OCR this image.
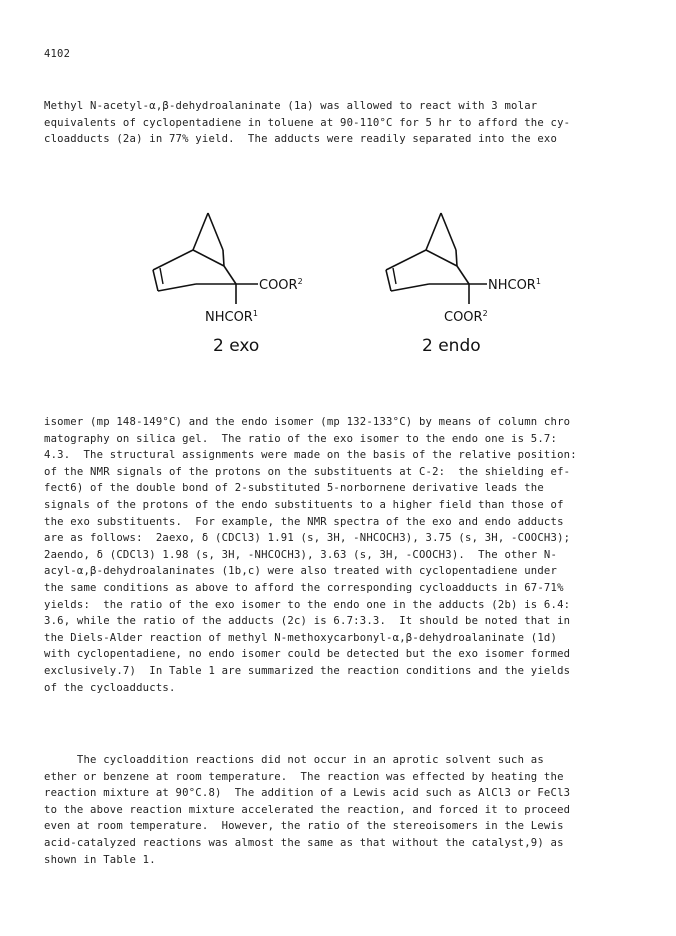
4102
Methyl N-acetyl-α,β-dehydroalaninate (1a) was allowed to react with 3 molar
equivalents of cyclopentadiene in toluene at 90-110°C for 5 hr to afford the cy-
cloadducts (2a) in 77% yield.  The adducts were readily separated into the exo
COOR$^2$
NHCOR$^1$
2 exo
NHCOR$^1$
COOR$^2$
2 endo
isomer (mp 148-149°C) and the endo isomer (mp 132-133°C) by means of column chro
matography on silica gel.  The ratio of the exo isomer to the endo one is 5.7:
4.3.  The structural assignments were made on the basis of the relative position:
of the NMR signals of the protons on the substituents at C-2:  the shielding ef-
fect6) of the double bond of 2-substituted 5-norbornene derivative leads the
signals of the protons of the endo substituents to a higher field than those of
the exo substituents.  For example, the NMR spectra of the exo and endo adducts
are as follows:  2aexo, δ (CDCl3) 1.91 (s, 3H, -NHCOCH3), 3.75 (s, 3H, -COOCH3);
2aendo, δ (CDCl3) 1.98 (s, 3H, -NHCOCH3), 3.63 (s, 3H, -COOCH3).  The other N-
acyl-α,β-dehydroalaninates (1b,c) were also treated with cyclopentadiene under
the same conditions as above to afford the corresponding cycloadducts in 67-71%
yields:  the ratio of the exo isomer to the endo one in the adducts (2b) is 6.4:
3.6, while the ratio of the adducts (2c) is 6.7:3.3.  It should be noted that in
the Diels-Alder reaction of methyl N-methoxycarbonyl-α,β-dehydroalaninate (1d)
with cyclopentadiene, no endo isomer could be detected but the exo isomer formed
exclusively.7)  In Table 1 are summarized the reaction conditions and the yields
of the cycloadducts.
The cycloaddition reactions did not occur in an aprotic solvent such as
ether or benzene at room temperature.  The reaction was effected by heating the
reaction mixture at 90°C.8)  The addition of a Lewis acid such as AlCl3 or FeCl3
to the above reaction mixture accelerated the reaction, and forced it to proceed
even at room temperature.  However, the ratio of the stereoisomers in the Lewis
acid-catalyzed reactions was almost the same as that without the catalyst,9) as
shown in Table 1.
